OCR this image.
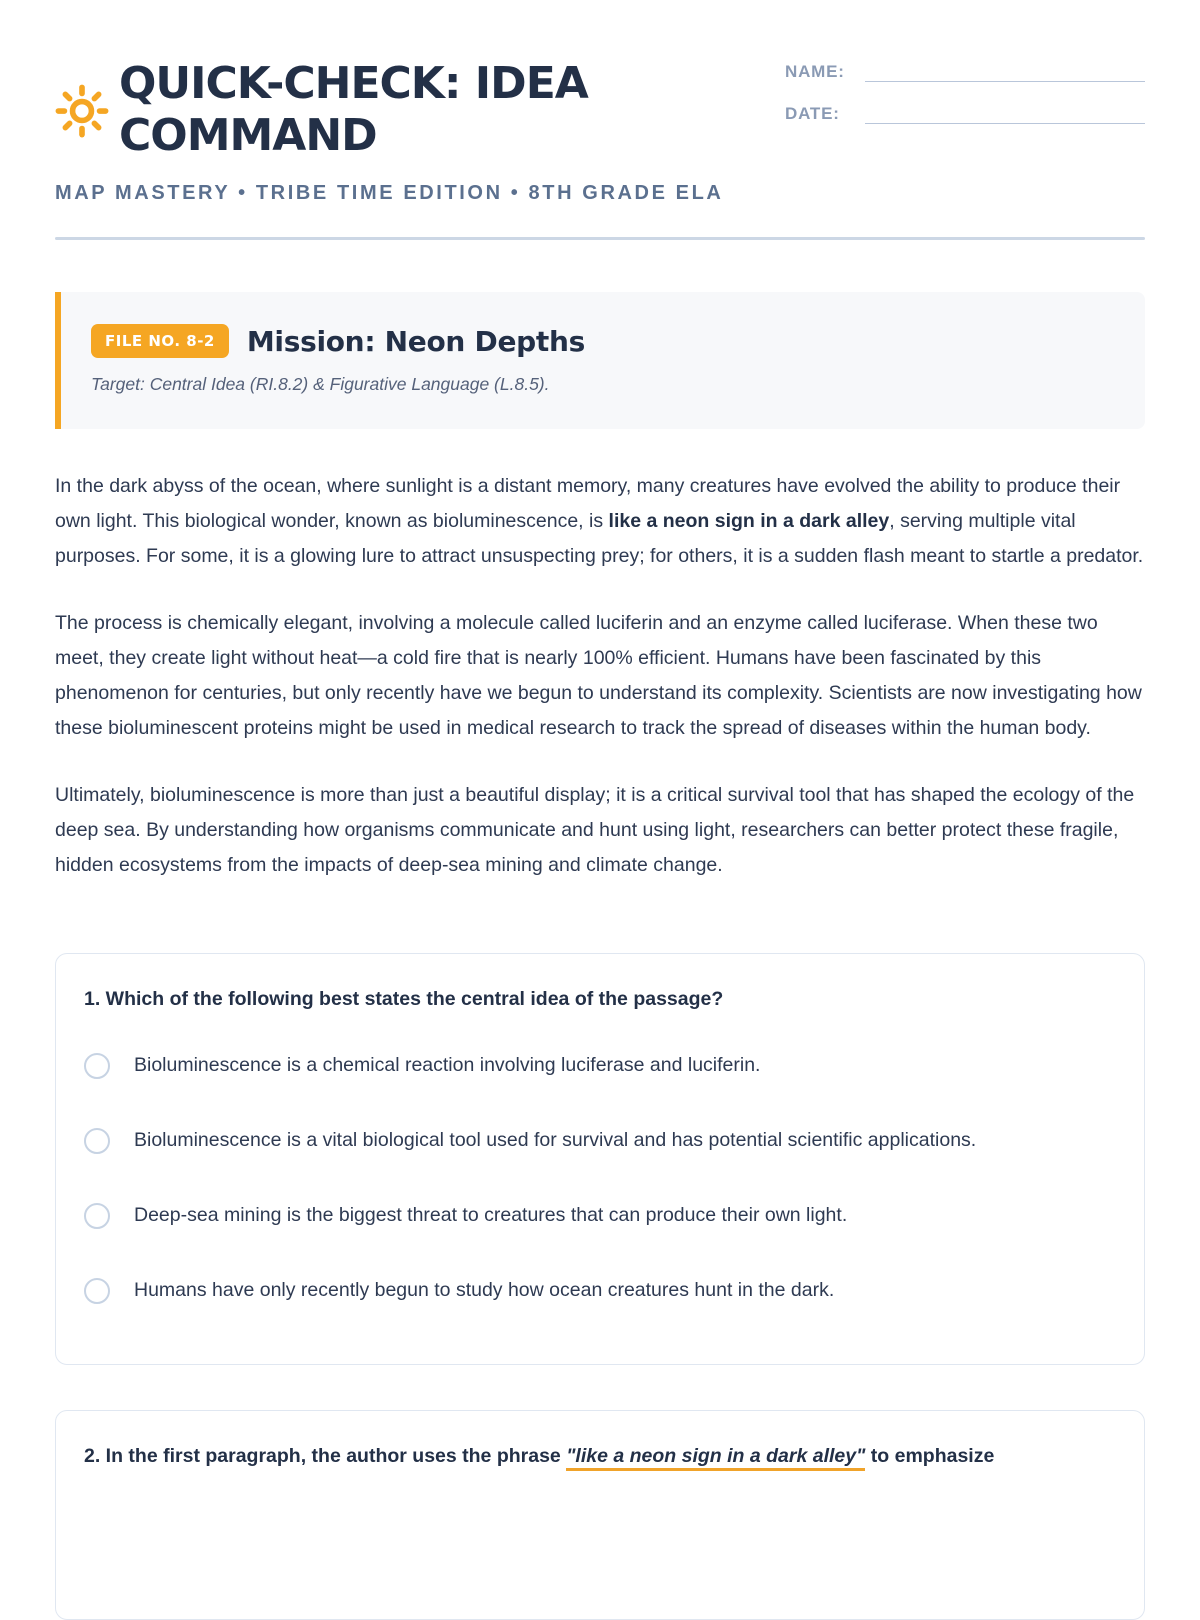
QUICK-CHECK: IDEA
COMMAND
NAME:
DATE:
MAP MASTERY • TRIBE TIME EDITION • 8TH GRADE ELA
FILE NO. 8-2	Mission: Neon Depths

Target: Central Idea (RI.8.2) & Figurative Language (L.8.5).

In the dark abyss of the ocean, where sunlight is a distant memory, many creatures have evolved the ability to produce their own light. This biological wonder, known as bioluminescence, is like a neon sign in a dark alley, serving multiple vital purposes. For some, it is a glowing lure to attract unsuspecting prey; for others, it is a sudden flash meant to startle a predator.

The process is chemically elegant, involving a molecule called luciferin and an enzyme called luciferase. When these two meet, they create light without heat—a cold fire that is nearly 100% efficient. Humans have been fascinated by this phenomenon for centuries, but only recently have we begun to understand its complexity. Scientists are now investigating how these bioluminescent proteins might be used in medical research to track the spread of diseases within the human body.

Ultimately, bioluminescence is more than just a beautiful display; it is a critical survival tool that has shaped the ecology of the deep sea. By understanding how organisms communicate and hunt using light, researchers can better protect these fragile, hidden ecosystems from the impacts of deep-sea mining and climate change.

1. Which of the following best states the central idea of the passage?

Bioluminescence is a chemical reaction involving luciferase and luciferin.
Bioluminescence is a vital biological tool used for survival and has potential scientific applications.
Deep-sea mining is the biggest threat to creatures that can produce their own light.
Humans have only recently begun to study how ocean creatures hunt in the dark.

2. In the first paragraph, the author uses the phrase "like a neon sign in a dark alley" to emphasize
